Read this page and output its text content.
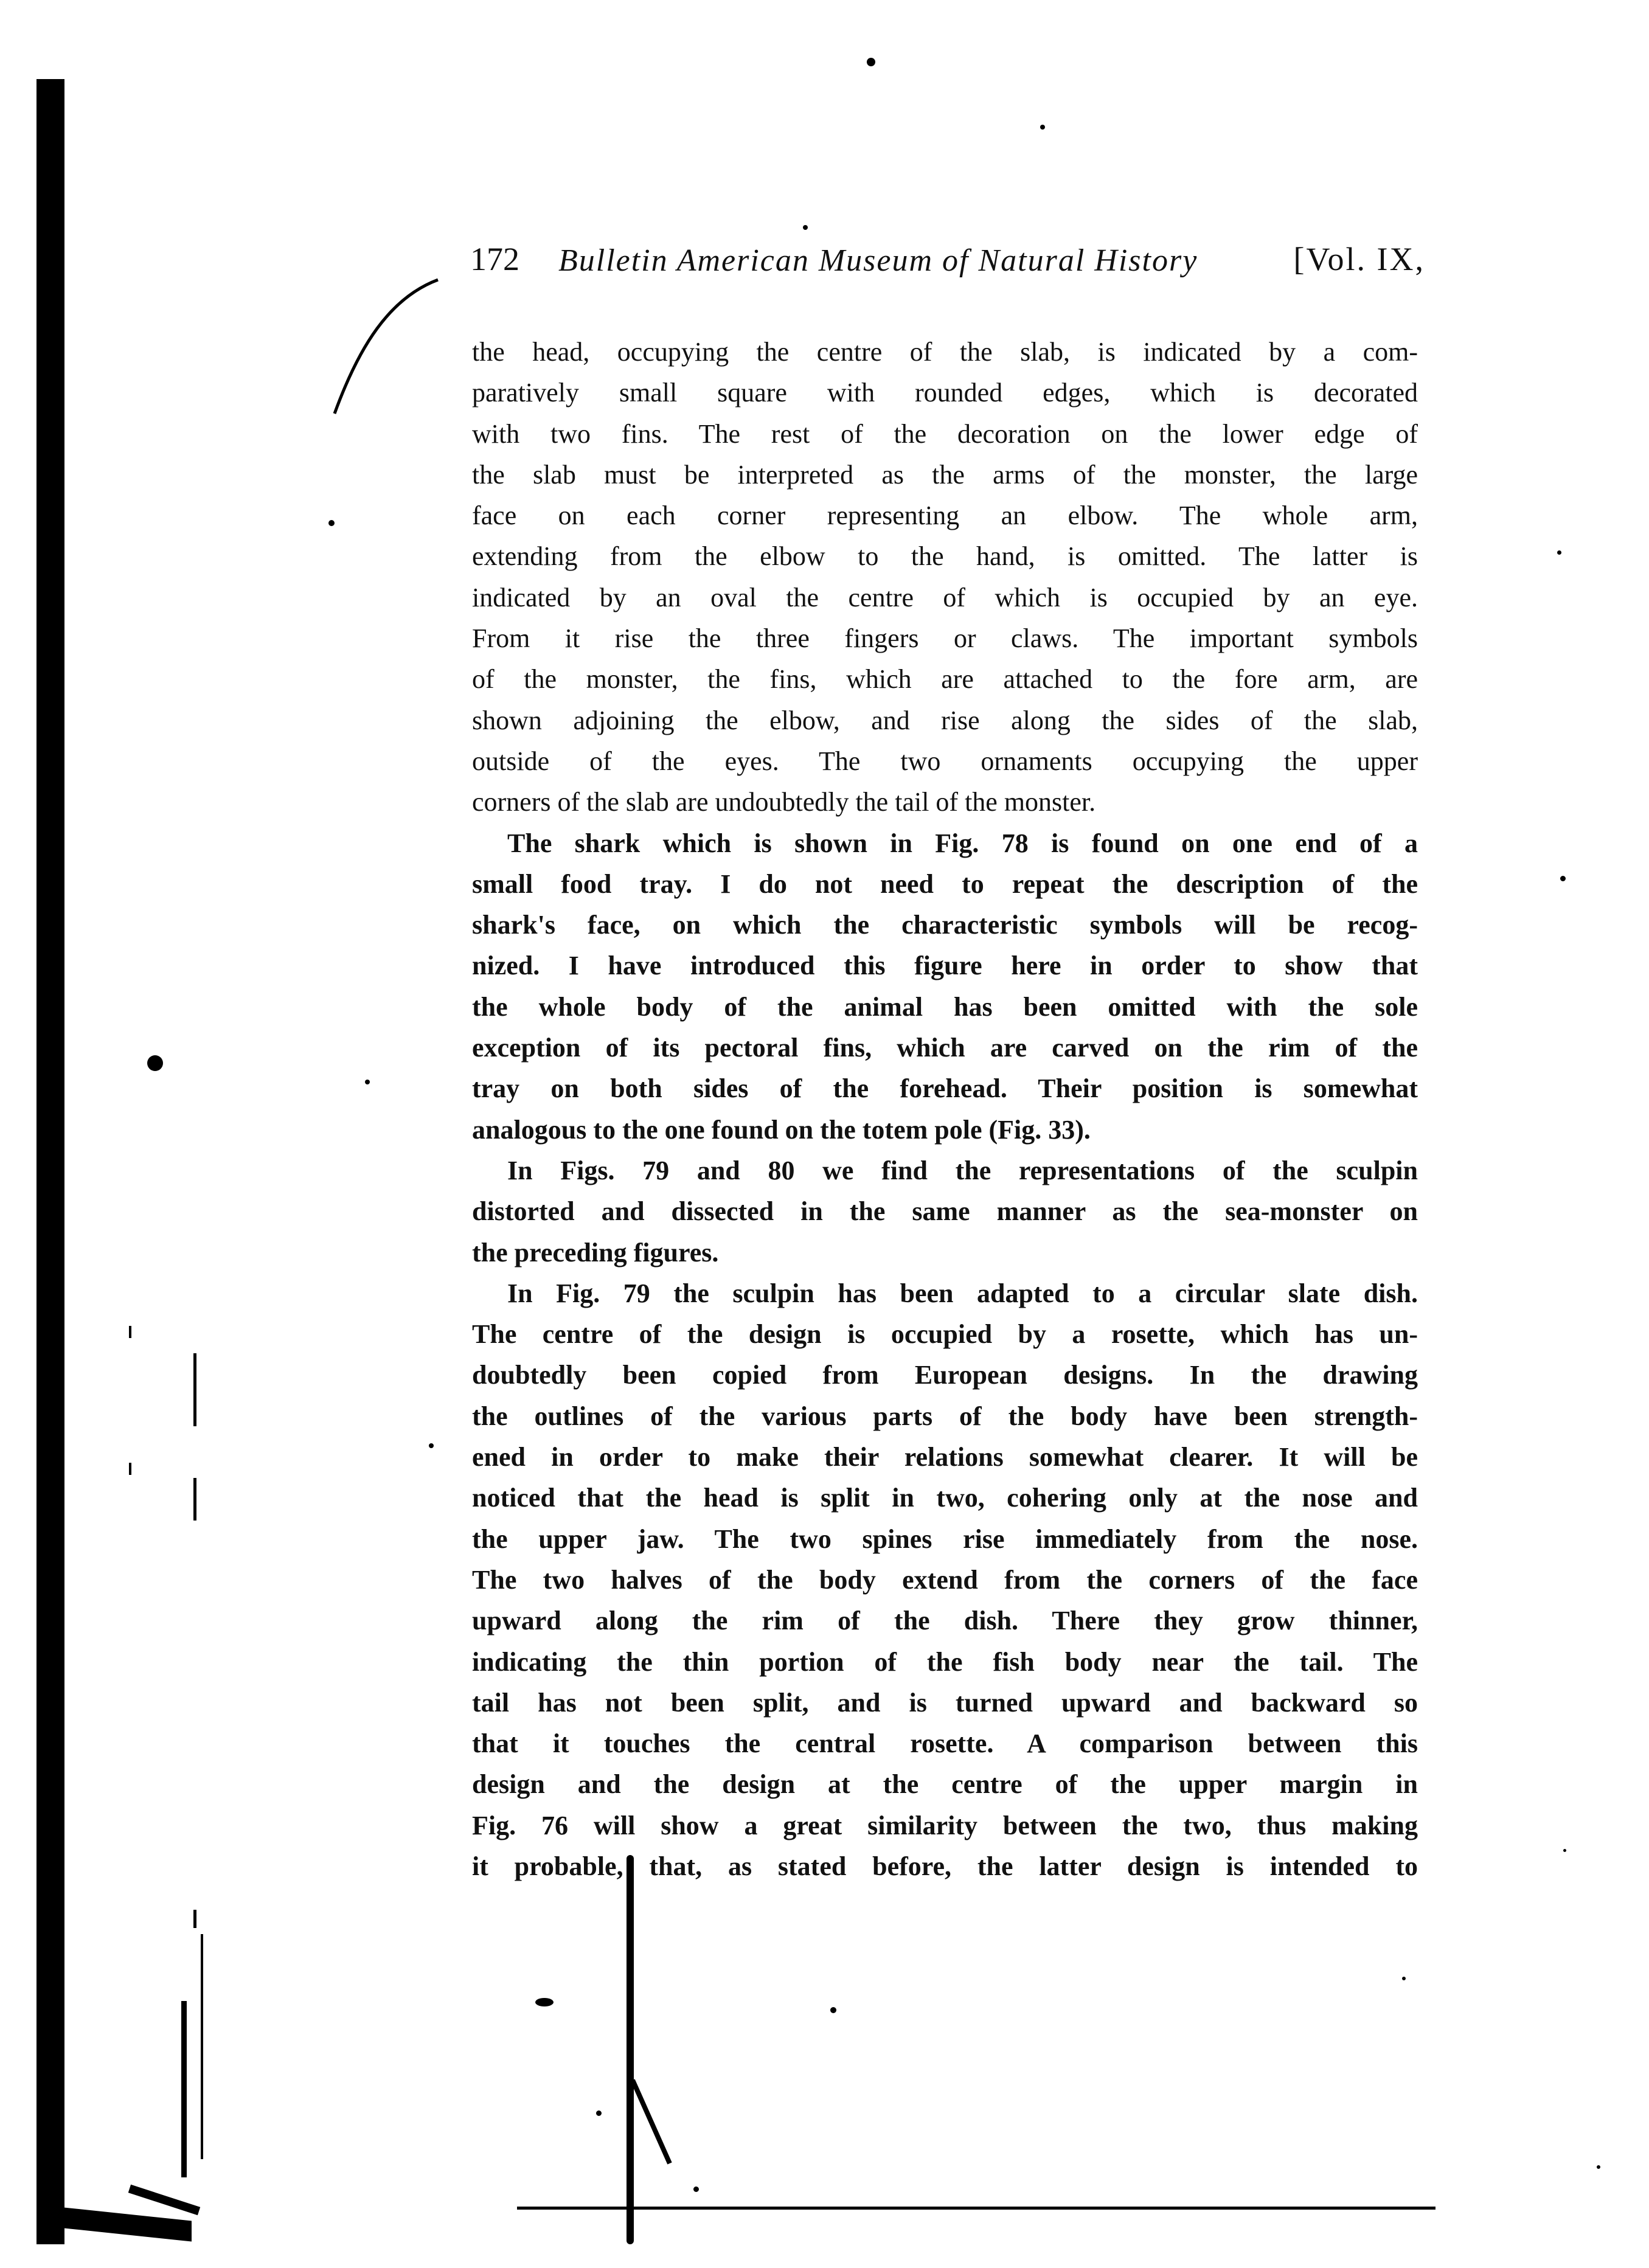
172 Bulletin American Museum of Natural History	[Vol. IX,
the head, occupying the centre of the slab, is indicated by a com-
paratively small square with rounded edges, which is decorated
with two fins. The rest of the decoration on the lower edge of
the slab must be interpreted as the arms of the monster, the large
face on each corner representing an elbow. The whole arm,
extending from the elbow to the hand, is omitted. The latter is
indicated by an oval the centre of which is occupied by an eye.
From it rise the three fingers or claws. The important symbols
of the monster, the fins, which are attached to the fore arm, are
shown adjoining the elbow, and rise along the sides of the slab,
outside of the eyes. The two ornaments occupying the upper
corners of the slab are undoubtedly the tail of the monster.
The shark which is shown in Fig. 78 is found on one end of a
small food tray. I do not need to repeat the description of the
shark's face, on which the characteristic symbols will be recog-
nized. I have introduced this figure here in order to show that
the whole body of the animal has been omitted with the sole
exception of its pectoral fins, which are carved on the rim of the
tray on both sides of the forehead. Their position is somewhat
analogous to the one found on the totem pole (Fig. 33).
In Figs. 79 and 80 we find the representations of the sculpin
distorted and dissected in the same manner as the sea-monster on
the preceding figures.
In Fig. 79 the sculpin has been adapted to a circular slate dish.
The centre of the design is occupied by a rosette, which has un-
doubtedly been copied from European designs. In the drawing
the outlines of the various parts of the body have been strength-
ened in order to make their relations somewhat clearer. It will be
noticed that the head is split in two, cohering only at the nose and
the upper jaw. The two spines rise immediately from the nose.
The two halves of the body extend from the corners of the face
upward along the rim of the dish. There they grow thinner,
indicating the thin portion of the fish body near the tail. The
tail has not been split, and is turned upward and backward so
that it touches the central rosette. A comparison between this
design and the design at the centre of the upper margin in
Fig. 76 will show a great similarity between the two, thus making
it probable, that, as stated before, the latter design is intended to
